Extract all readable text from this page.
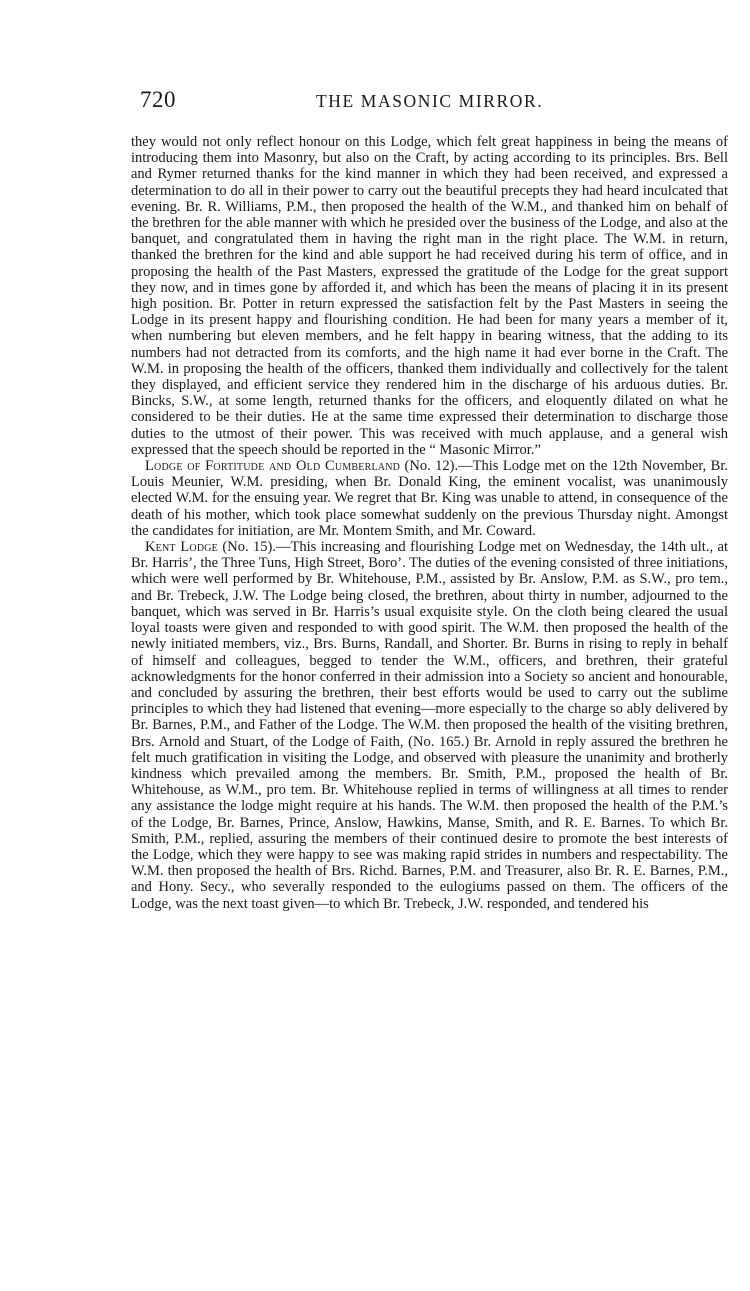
720	THE MASONIC MIRROR.

they would not only reflect honour on this Lodge, which felt great happiness in being the means of introducing them into Masonry, but also on the Craft, by acting according to its principles. Brs. Bell and Rymer returned thanks for the kind manner in which they had been received, and expressed a determination to do all in their power to carry out the beautiful precepts they had heard inculcated that evening. Br. R. Williams, P.M., then proposed the health of the W.M., and thanked him on behalf of the brethren for the able manner with which he presided over the business of the Lodge, and also at the banquet, and congratulated them in having the right man in the right place. The W.M. in return, thanked the brethren for the kind and able support he had received during his term of office, and in proposing the health of the Past Masters, expressed the gratitude of the Lodge for the great support they now, and in times gone by afforded it, and which has been the means of placing it in its present high position. Br. Potter in return expressed the satisfaction felt by the Past Masters in seeing the Lodge in its present happy and flourishing condition. He had been for many years a member of it, when numbering but eleven members, and he felt happy in bearing witness, that the adding to its numbers had not detracted from its comforts, and the high name it had ever borne in the Craft. The W.M. in proposing the health of the officers, thanked them individually and collectively for the talent they displayed, and efficient service they rendered him in the discharge of his arduous duties. Br. Bincks, S.W., at some length, returned thanks for the officers, and eloquently dilated on what he considered to be their duties. He at the same time expressed their determination to discharge those duties to the utmost of their power. This was received with much applause, and a general wish expressed that the speech should be reported in the “ Masonic Mirror.”

Lodge of Fortitude and Old Cumberland (No. 12).—This Lodge met on the 12th November, Br. Louis Meunier, W.M. presiding, when Br. Donald King, the eminent vocalist, was unanimously elected W.M. for the ensuing year. We regret that Br. King was unable to attend, in consequence of the death of his mother, which took place somewhat suddenly on the previous Thursday night. Amongst the candidates for initiation, are Mr. Montem Smith, and Mr. Coward.

Kent Lodge (No. 15).—This increasing and flourishing Lodge met on Wednesday, the 14th ult., at Br. Harris’, the Three Tuns, High Street, Boro’. The duties of the evening consisted of three initiations, which were well performed by Br. Whitehouse, P.M., assisted by Br. Anslow, P.M. as S.W., pro tem., and Br. Trebeck, J.W. The Lodge being closed, the brethren, about thirty in number, adjourned to the banquet, which was served in Br. Harris’s usual exquisite style. On the cloth being cleared the usual loyal toasts were given and responded to with good spirit. The W.M. then proposed the health of the newly initiated members, viz., Brs. Burns, Randall, and Shorter. Br. Burns in rising to reply in behalf of himself and colleagues, begged to tender the W.M., officers, and brethren, their grateful acknowledgments for the honor conferred in their admission into a Society so ancient and honourable, and concluded by assuring the brethren, their best efforts would be used to carry out the sublime principles to which they had listened that evening—more especially to the charge so ably delivered by Br. Barnes, P.M., and Father of the Lodge. The W.M. then proposed the health of the visiting brethren, Brs. Arnold and Stuart, of the Lodge of Faith, (No. 165.) Br. Arnold in reply assured the brethren he felt much gratification in visiting the Lodge, and observed with pleasure the unanimity and brotherly kindness which prevailed among the members. Br. Smith, P.M., proposed the health of Br. Whitehouse, as W.M., pro tem. Br. Whitehouse replied in terms of willingness at all times to render any assistance the lodge might require at his hands. The W.M. then proposed the health of the P.M.’s of the Lodge, Br. Barnes, Prince, Anslow, Hawkins, Manse, Smith, and R. E. Barnes. To which Br. Smith, P.M., replied, assuring the members of their continued desire to promote the best interests of the Lodge, which they were happy to see was making rapid strides in numbers and respectability. The W.M. then proposed the health of Brs. Richd. Barnes, P.M. and Treasurer, also Br. R. E. Barnes, P.M., and Hony. Secy., who severally responded to the eulogiums passed on them. The officers of the Lodge, was the next toast given—to which Br. Trebeck, J.W. responded, and tendered his
